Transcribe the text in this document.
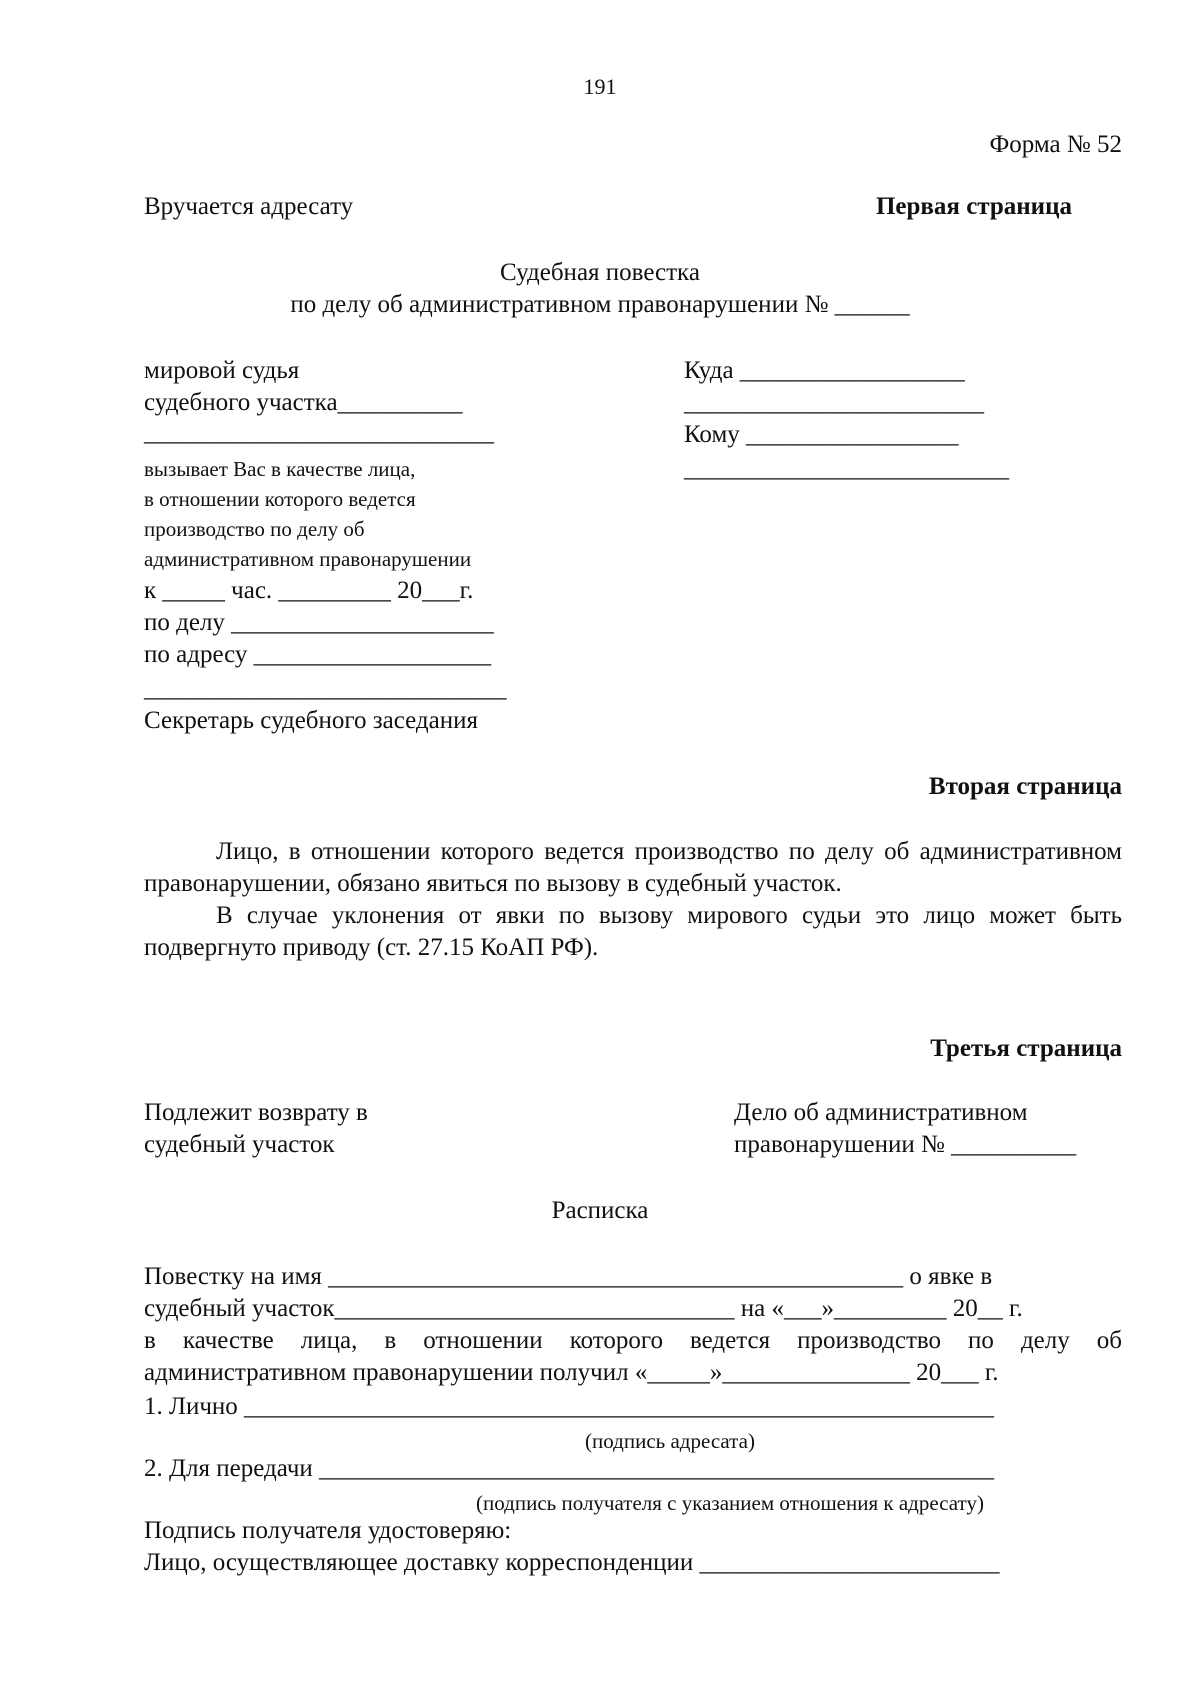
191
Форма № 52
Вручается адресату	Первая страница
Судебная повестка
по делу об административном правонарушении № ______
мировой судья
судебного участка__________
____________________________
вызывает Вас в качестве лица,
в отношении которого ведется
производство по делу об
административном правонарушении
к _____ час. _________ 20___г.
по делу _____________________
по адресу ___________________
_____________________________
Секретарь судебного заседания
Куда __________________
________________________
Кому _________________
__________________________
Вторая страница

Лицо, в отношении которого ведется производство по делу об административном правонарушении, обязано явиться по вызову в судебный участок.

В случае уклонения от явки по вызову мирового судьи это лицо может быть подвергнуто приводу (ст. 27.15 КоАП РФ).

Третья страница
Подлежит возврату в
судебный участок
Дело об административном
правонарушении № __________
Расписка
Повестку на имя ______________________________________________ о явке в
судебный участок________________________________ на «___»_________ 20__ г.
в качестве лица, в отношении которого ведется производство по делу об
административном правонарушении получил «_____»_______________ 20___ г.
1. Лично ____________________________________________________________
(подпись адресата)
2. Для передачи ______________________________________________________
(подпись получателя с указанием отношения к адресату)
Подпись получателя удостоверяю:
Лицо, осуществляющее доставку корреспонденции ________________________
